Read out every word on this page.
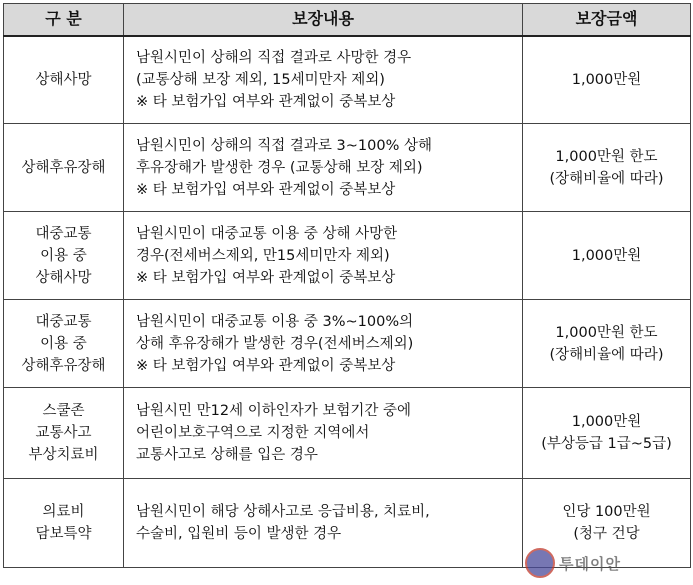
구 분	보장내용	보장금액

상해사망	남원시민이 상해의 직접 결과로 사망한 경우
(교통상해 보장 제외, 15세미만자 제외)
※ 타 보험가입 여부와 관계없이 중복보상	1,000만원

상해후유장해	남원시민이 상해의 직접 결과로 3~100% 상해
후유장해가 발생한 경우 (교통상해 보장 제외)
※ 타 보험가입 여부와 관계없이 중복보상	1,000만원 한도
(장해비율에 따라)

대중교통
이용 중
상해사망	남원시민이 대중교통 이용 중 상해 사망한
경우(전세버스제외, 만15세미만자 제외)
※ 타 보험가입 여부와 관계없이 중복보상	1,000만원

대중교통
이용 중
상해후유장해	남원시민이 대중교통 이용 중 3%~100%의
상해 후유장해가 발생한 경우(전세버스제외)
※ 타 보험가입 여부와 관계없이 중복보상	1,000만원 한도
(장해비율에 따라)

스쿨존
교통사고
부상치료비	남원시민 만12세 이하인자가 보험기간 중에
어린이보호구역으로 지정한 지역에서
교통사고로 상해를 입은 경우	1,000만원
(부상등급 1급~5급)

의료비
담보특약	남원시민이 해당 상해사고로 응급비용, 치료비,
수술비, 입원비 등이 발생한 경우	인당 100만원
(청구 건당
투데이안
